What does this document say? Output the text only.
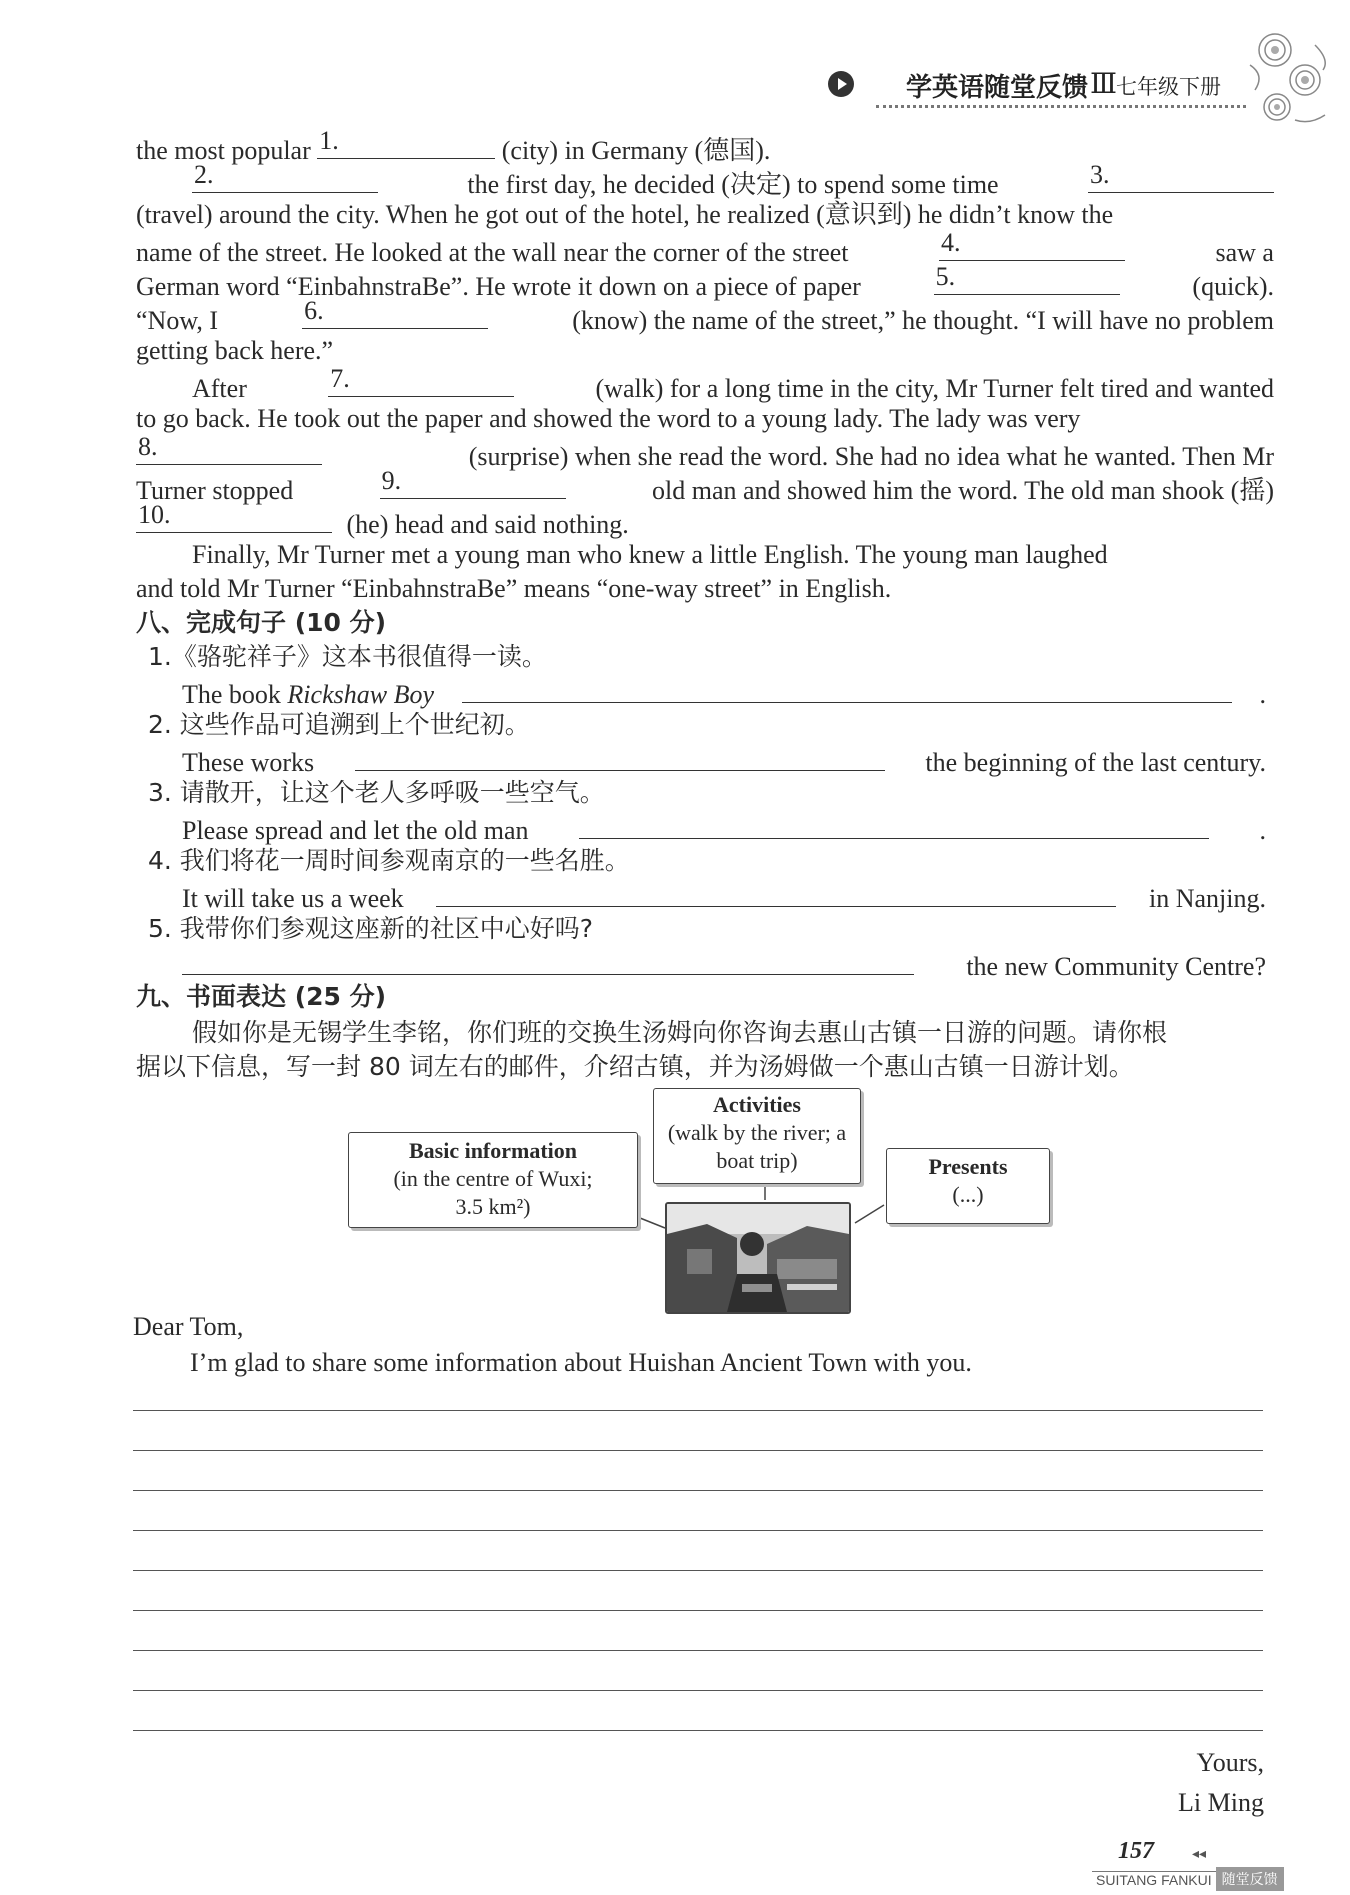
学英语随堂反馈 Ⅲ
七年级下册
the most popular 1.	(city) in Germany (德国).
2.	the first day, he decided (决定) to spend some time	3.
(travel) around the city. When he got out of the hotel, he realized (意识到) he didn’t know the
name of the street. He looked at the wall near the corner of the street	4.	saw a
German word “EinbahnstraBe”. He wrote it down on a piece of paper	5.	(quick).
“Now, I	6.	(know) the name of the street,” he thought. “I will have no problem
getting back here.”
After	7.	(walk) for a long time in the city, Mr Turner felt tired and wanted
to go back. He took out the paper and showed the word to a young lady. The lady was very
8.	(surprise) when she read the word. She had no idea what he wanted. Then Mr
Turner stopped	9.	old man and showed him the word. The old man shook (摇)
10.	(he) head and said nothing.
Finally, Mr Turner met a young man who knew a little English. The young man laughed
and told Mr Turner “EinbahnstraBe” means “one-way street” in English.
八、完成句子 (10 分)
1.《骆驼祥子》这本书很值得一读。
The book Rickshaw Boy	.
2. 这些作品可追溯到上个世纪初。
These works	the beginning of the last century.
3. 请散开，让这个老人多呼吸一些空气。
Please spread and let the old man	.
4. 我们将花一周时间参观南京的一些名胜。
It will take us a week	in Nanjing.
5. 我带你们参观这座新的社区中心好吗?
the new Community Centre?
九、书面表达 (25 分)
假如你是无锡学生李铭，你们班的交换生汤姆向你咨询去惠山古镇一日游的问题。请你根
据以下信息，写一封 80 词左右的邮件，介绍古镇，并为汤姆做一个惠山古镇一日游计划。
Basic information
(in the centre of Wuxi;
3.5 km²)
Activities
(walk by the river; a
boat trip)	Presents
(...)
Dear Tom,
I’m glad to share some information about Huishan Ancient Town with you.
Yours,
Li Ming
157	◂◂
SUITANG FANKUI 随堂反馈
